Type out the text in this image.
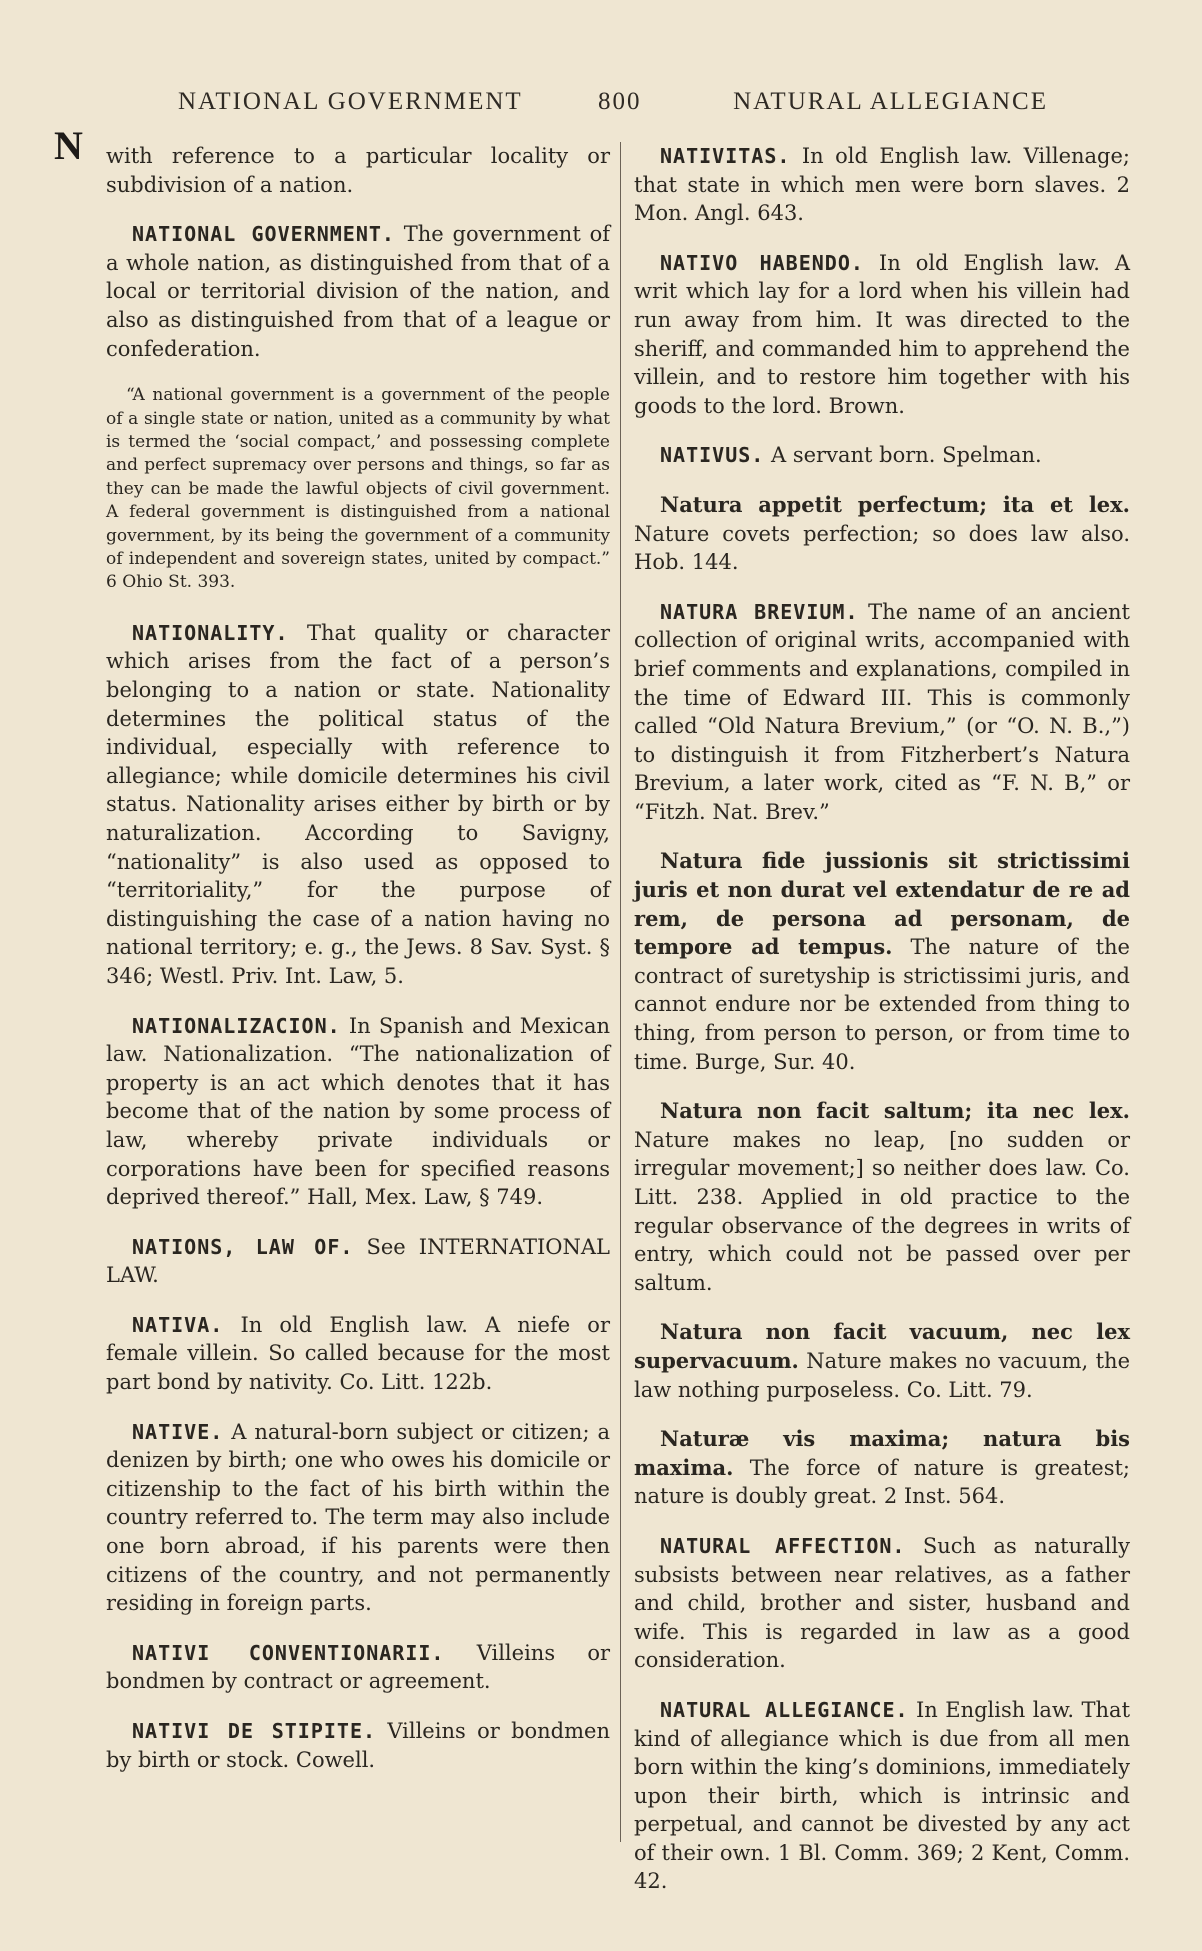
NATIONAL GOVERNMENT	800	NATURAL ALLEGIANCE
N with reference to a particular locality or subdivision of a nation.

NATIONAL GOVERNMENT. The government of a whole nation, as distinguished from that of a local or territorial division of the nation, and also as distinguished from that of a league or confederation.

“A national government is a government of the people of a single state or nation, united as a community by what is termed the ‘social compact,’ and possessing complete and perfect supremacy over persons and things, so far as they can be made the lawful objects of civil government. A federal government is distinguished from a national government, by its being the government of a community of independent and sovereign states, united by compact.” 6 Ohio St. 393.

NATIONALITY. That quality or character which arises from the fact of a person’s belonging to a nation or state. Nationality determines the political status of the individual, especially with reference to allegiance; while domicile determines his civil status. Nationality arises either by birth or by naturalization. According to Savigny, “nationality” is also used as opposed to “territoriality,” for the purpose of distinguishing the case of a nation having no national territory; e. g., the Jews. 8 Sav. Syst. § 346; Westl. Priv. Int. Law, 5.

NATIONALIZACION. In Spanish and Mexican law. Nationalization. “The nationalization of property is an act which denotes that it has become that of the nation by some process of law, whereby private individuals or corporations have been for specified reasons deprived thereof.” Hall, Mex. Law, § 749.

NATIONS, LAW OF. See INTERNATIONAL LAW.

NATIVA. In old English law. A niefe or female villein. So called because for the most part bond by nativity. Co. Litt. 122b.

NATIVE. A natural-born subject or citizen; a denizen by birth; one who owes his domicile or citizenship to the fact of his birth within the country referred to. The term may also include one born abroad, if his parents were then citizens of the country, and not permanently residing in foreign parts.

NATIVI CONVENTIONARII. Villeins or bondmen by contract or agreement.

NATIVI DE STIPITE. Villeins or bondmen by birth or stock. Cowell.

NATIVITAS. In old English law. Villenage; that state in which men were born slaves. 2 Mon. Angl. 643.

NATIVO HABENDO. In old English law. A writ which lay for a lord when his villein had run away from him. It was directed to the sheriff, and commanded him to apprehend the villein, and to restore him together with his goods to the lord. Brown.

NATIVUS. A servant born. Spelman.

Natura appetit perfectum; ita et lex. Nature covets perfection; so does law also. Hob. 144.

NATURA BREVIUM. The name of an ancient collection of original writs, accompanied with brief comments and explanations, compiled in the time of Edward III. This is commonly called “Old Natura Brevium,” (or “O. N. B.,”) to distinguish it from Fitzherbert’s Natura Brevium, a later work, cited as “F. N. B,” or “Fitzh. Nat. Brev.”

Natura fide jussionis sit strictissimi juris et non durat vel extendatur de re ad rem, de persona ad personam, de tempore ad tempus. The nature of the contract of suretyship is strictissimi juris, and cannot endure nor be extended from thing to thing, from person to person, or from time to time. Burge, Sur. 40.

Natura non facit saltum; ita nec lex. Nature makes no leap, [no sudden or irregular movement;] so neither does law. Co. Litt. 238. Applied in old practice to the regular observance of the degrees in writs of entry, which could not be passed over per saltum.

Natura non facit vacuum, nec lex supervacuum. Nature makes no vacuum, the law nothing purposeless. Co. Litt. 79.

Naturæ vis maxima; natura bis maxima. The force of nature is greatest; nature is doubly great. 2 Inst. 564.

NATURAL AFFECTION. Such as naturally subsists between near relatives, as a father and child, brother and sister, husband and wife. This is regarded in law as a good consideration.

NATURAL ALLEGIANCE. In English law. That kind of allegiance which is due from all men born within the king’s dominions, immediately upon their birth, which is intrinsic and perpetual, and cannot be divested by any act of their own. 1 Bl. Comm. 369; 2 Kent, Comm. 42.
